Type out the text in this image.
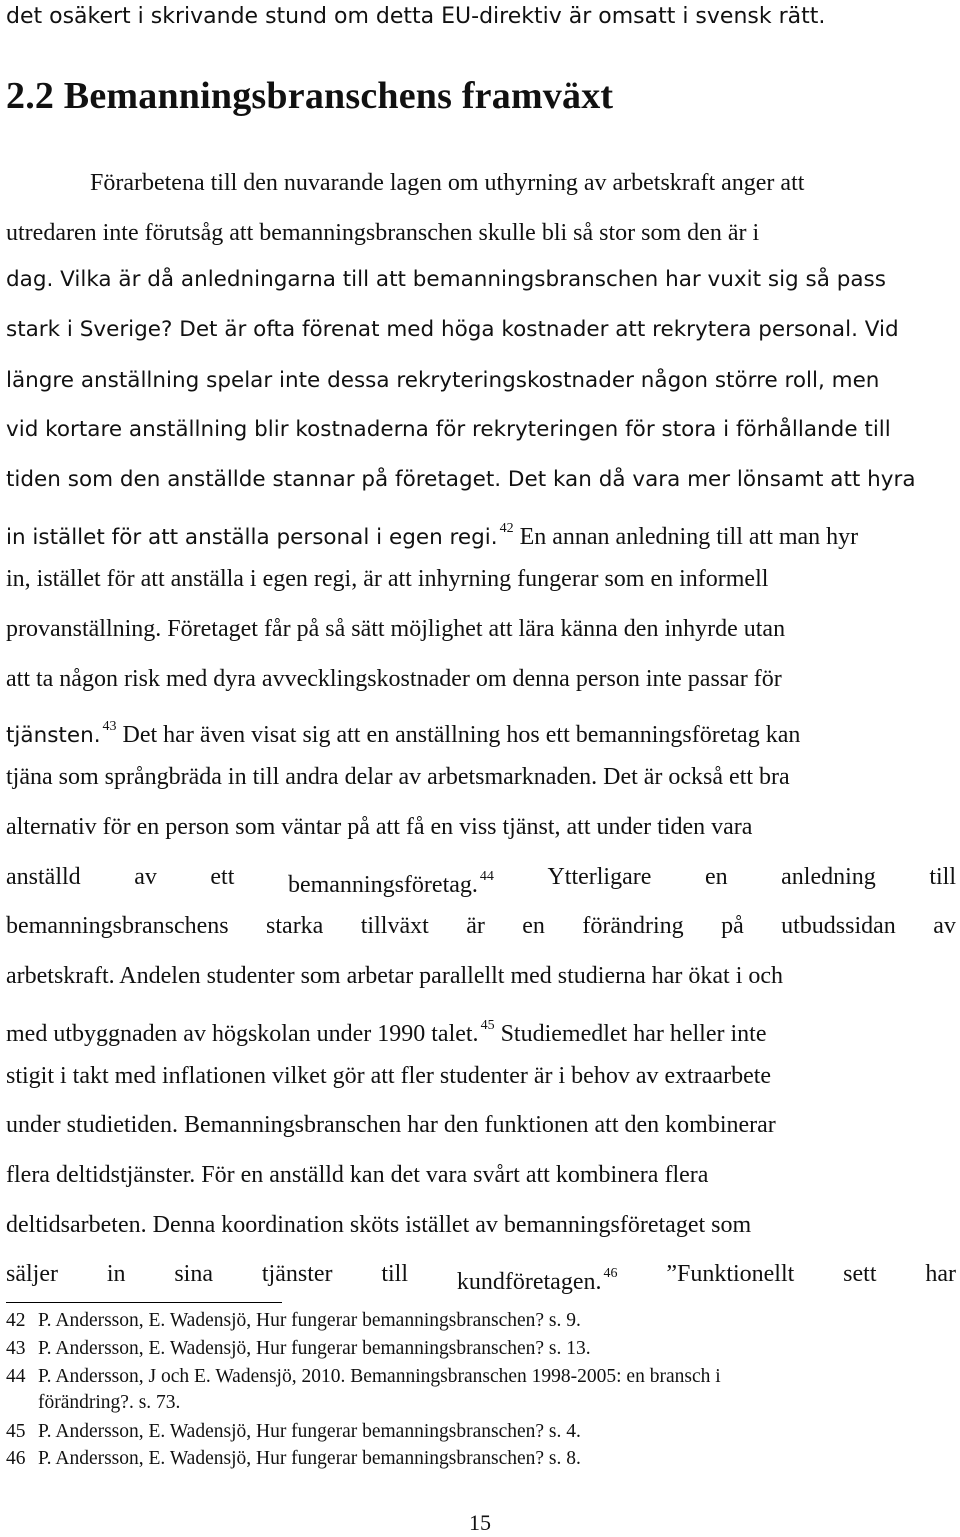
det osäkert i skrivande stund om detta EU-direktiv är omsatt i svensk rätt.
2.2 Bemanningsbranschens framväxt
Förarbetena till den nuvarande lagen om uthyrning av arbetskraft anger att
utredaren inte förutsåg att bemanningsbranschen skulle bli så stor som den är i
dag. Vilka är då anledningarna till att bemanningsbranschen har vuxit sig så pass
stark i Sverige? Det är ofta förenat med höga kostnader att rekrytera personal. Vid
längre anställning spelar inte dessa rekryteringskostnader någon större roll, men
vid kortare anställning blir kostnaderna för rekryteringen för stora i förhållande till
tiden som den anställde stannar på företaget. Det kan då vara mer lönsamt att hyra
in istället för att anställa personal i egen regi. $^{42}$ En annan anledning till att man hyr
in, istället för att anställa i egen regi, är att inhyrning fungerar som en informell
provanställning. Företaget får på så sätt möjlighet att lära känna den inhyrde utan
att ta någon risk med dyra avvecklingskostnader om denna person inte passar för
tjänsten. $^{43}$ Det har även visat sig att en anställning hos ett bemanningsföretag kan
tjäna som språngbräda in till andra delar av arbetsmarknaden. Det är också ett bra
alternativ för en person som väntar på att få en viss tjänst, att under tiden vara
anställd av ett bemanningsföretag. $^{44}$ Ytterligare en anledning till
bemanningsbranschens starka tillväxt är en förändring på utbudssidan av
arbetskraft. Andelen studenter som arbetar parallellt med studierna har ökat i och
med utbyggnaden av högskolan under 1990 talet. $^{45}$ Studiemedlet har heller inte
stigit i takt med inflationen vilket gör att fler studenter är i behov av extraarbete
under studietiden. Bemanningsbranschen har den funktionen att den kombinerar
flera deltidstjänster. För en anställd kan det vara svårt att kombinera flera
deltidsarbeten. Denna koordination sköts istället av bemanningsföretaget som
säljer in sina tjänster till kundföretagen. $^{46}$ ”Funktionellt sett har
42 P. Andersson, E. Wadensjö, Hur fungerar bemanningsbranschen? s. 9.
43 P. Andersson, E. Wadensjö, Hur fungerar bemanningsbranschen? s. 13.
44 P. Andersson, J och E. Wadensjö, 2010. Bemanningsbranschen 1998-2005: en bransch i
förändring?. s. 73.
45 P. Andersson, E. Wadensjö, Hur fungerar bemanningsbranschen? s. 4.
46 P. Andersson, E. Wadensjö, Hur fungerar bemanningsbranschen? s. 8.
15
